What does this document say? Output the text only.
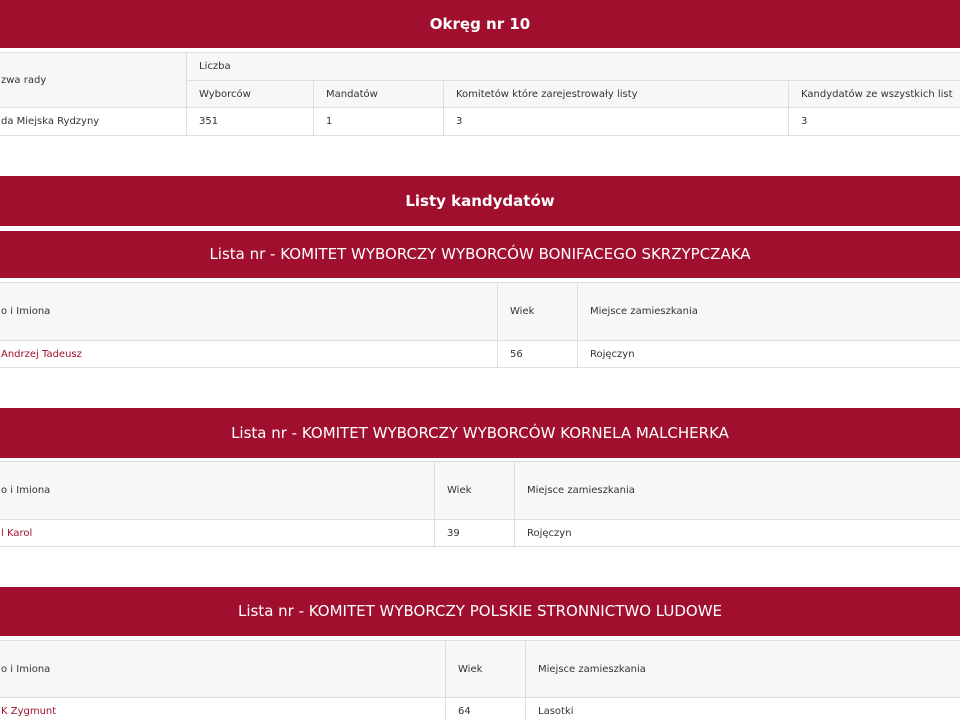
Okręg nr 10
zwa rady	Liczba			
	Wyborców	Mandatów	Komitetów które zarejestrowały listy	Kandydatów ze wszystkich list
da Miejska Rydzyny	351	1	3	3
Listy kandydatów
Lista nr - KOMITET WYBORCZY WYBORCÓW BONIFACEGO SKRZYPCZAKA
o i Imiona	Wiek	Miejsce zamieszkania
Andrzej Tadeusz	56	Rojęczyn
Lista nr - KOMITET WYBORCZY WYBORCÓW KORNELA MALCHERKA
o i Imiona	Wiek	Miejsce zamieszkania
l Karol	39	Rojęczyn
Lista nr - KOMITET WYBORCZY POLSKIE STRONNICTWO LUDOWE
o i Imiona	Wiek	Miejsce zamieszkania
K Zygmunt	64	Lasotki
